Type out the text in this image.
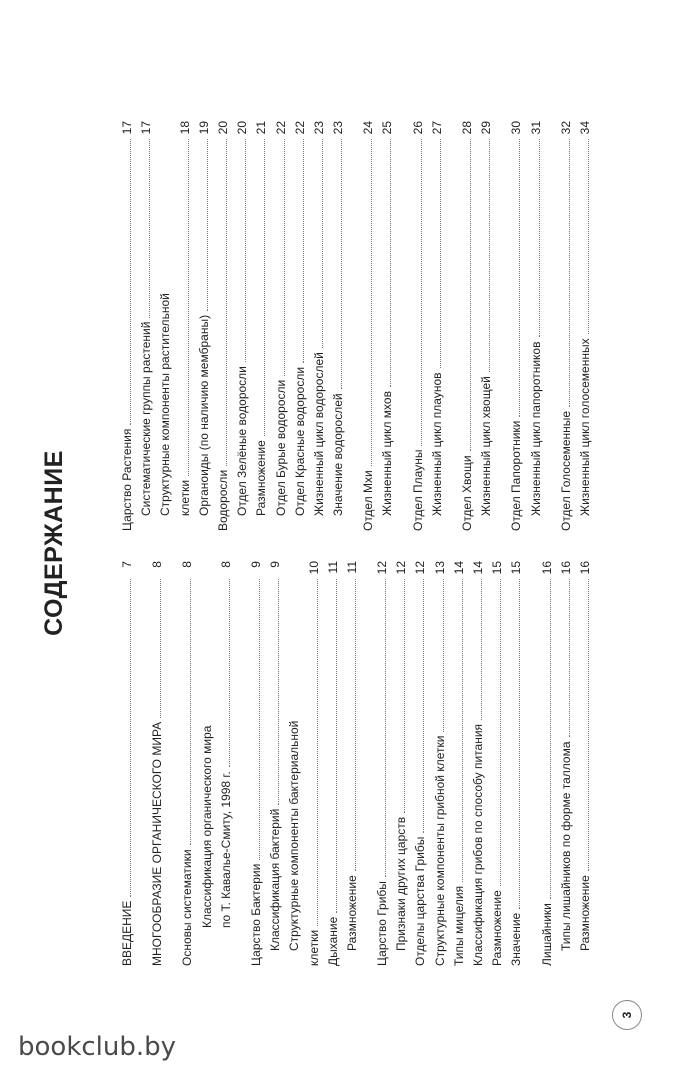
СОДЕРЖАНИЕ
ВВЕДЕНИЕ
7
МНОГООБРАЗИЕ ОРГАНИЧЕСКОГО МИРА
8
Основы систематики
8
Классификация органического мира по Т. Кавалье-Смиту, 1998 г.
8
Царство Бактерии
9
Классификация бактерий
9
Структурные компоненты бактериальной клетки
10
Дыхание
11
Размножение
11
Царство Грибы
12
Признаки других царств
12
Отделы царства Грибы
12
Структурные компоненты грибной клетки
13
Типы мицелия
14
Классификация грибов по способу питания
14
Размножение
15
Значение
15
Лишайники
16
Типы лишайников по форме таллома
16
Размножение
16
Царство Растения
17
Систематические группы растений
17
Структурные компоненты растительной клетки
18
Органоиды (по наличию мембраны)
19
Водоросли
20
Отдел Зелёные водоросли
20
Размножение
21
Отдел Бурые водоросли
22
Отдел Красные водоросли
22
Жизненный цикл водорослей
23
Значение водорослей
23
Отдел Мхи
24
Жизненный цикл мхов
25
Отдел Плауны
26
Жизненный цикл плаунов
27
Отдел Хвощи
28
Жизненный цикл хвощей
29
Отдел Папоротники
30
Жизненный цикл папоротников
31
Отдел Голосеменные
32
Жизненный цикл голосеменных
34
3
bookclub.by
